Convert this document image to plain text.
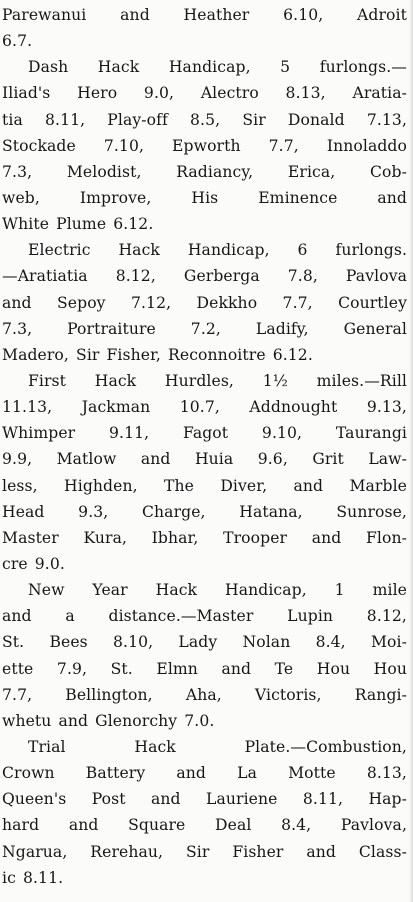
Parewanui and Heather 6.10, Adroit
6.7.
Dash Hack Handicap, 5 furlongs.—
Iliad's Hero 9.0, Alectro 8.13, Aratia-
tia 8.11, Play-off 8.5, Sir Donald 7.13,
Stockade 7.10, Epworth 7.7, Innoladdo
7.3, Melodist, Radiancy, Erica, Cob-
web, Improve, His Eminence and
White Plume 6.12.
Electric Hack Handicap, 6 furlongs.
—Aratiatia 8.12, Gerberga 7.8, Pavlova
and Sepoy 7.12, Dekkho 7.7, Courtley
7.3, Portraiture 7.2, Ladify, General
Madero, Sir Fisher, Reconnoitre 6.12.
First Hack Hurdles, 1½ miles.—Rill
11.13, Jackman 10.7, Addnought 9.13,
Whimper 9.11, Fagot 9.10, Taurangi
9.9, Matlow and Huia 9.6, Grit Law-
less, Highden, The Diver, and Marble
Head 9.3, Charge, Hatana, Sunrose,
Master Kura, Ibhar, Trooper and Flon-
cre 9.0.
New Year Hack Handicap, 1 mile
and a distance.—Master Lupin 8.12,
St. Bees 8.10, Lady Nolan 8.4, Moi-
ette 7.9, St. Elmn and Te Hou Hou
7.7, Bellington, Aha, Victoris, Rangi-
whetu and Glenorchy 7.0.
Trial Hack Plate.—Combustion,
Crown Battery and La Motte 8.13,
Queen's Post and Lauriene 8.11, Hap-
hard and Square Deal 8.4, Pavlova,
Ngarua, Rerehau, Sir Fisher and Class-
ic 8.11.
